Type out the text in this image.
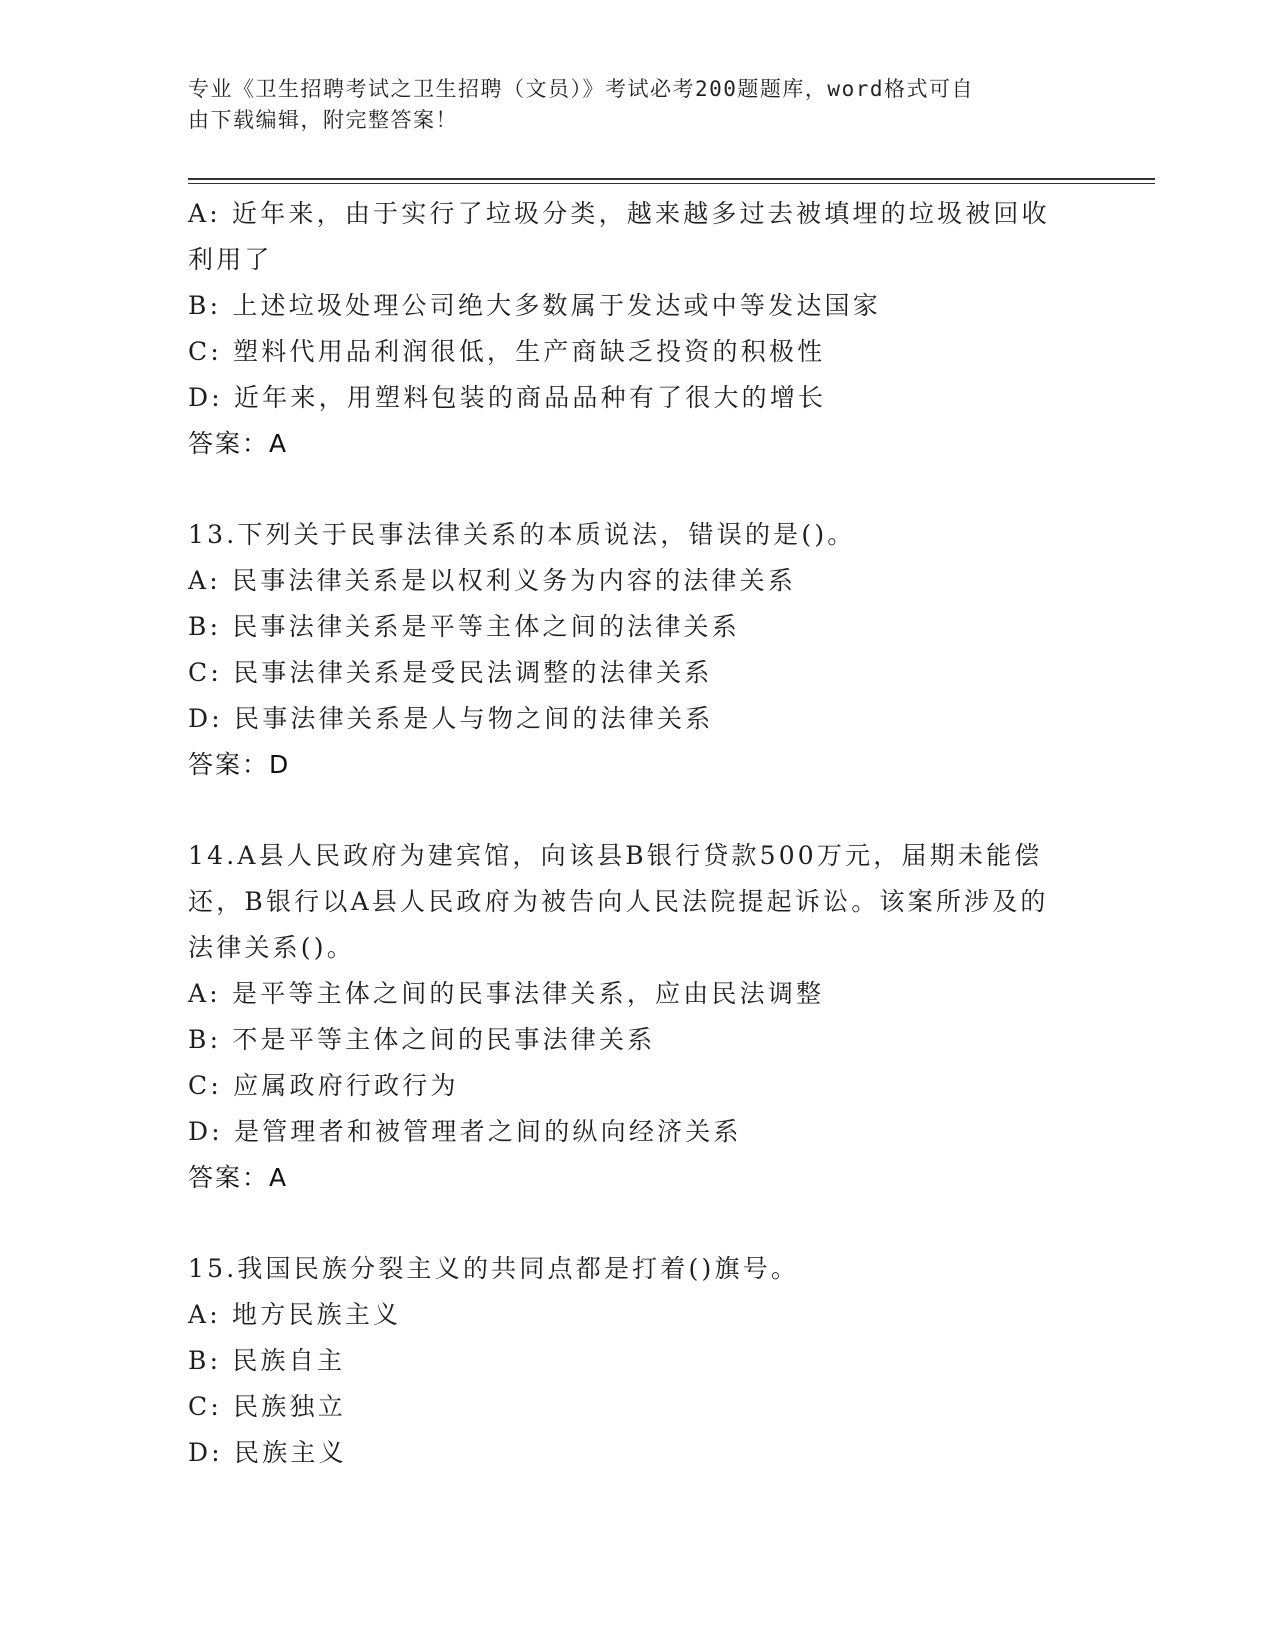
专业《卫生招聘考试之卫生招聘（文员）》考试必考200题题库，word格式可自
由下载编辑，附完整答案！
A: 近年来，由于实行了垃圾分类，越来越多过去被填埋的垃圾被回收
利用了
B: 上述垃圾处理公司绝大多数属于发达或中等发达国家
C: 塑料代用品利润很低，生产商缺乏投资的积极性
D: 近年来，用塑料包装的商品品种有了很大的增长
答案：A
13.下列关于民事法律关系的本质说法，错误的是()。
A: 民事法律关系是以权利义务为内容的法律关系
B: 民事法律关系是平等主体之间的法律关系
C: 民事法律关系是受民法调整的法律关系
D: 民事法律关系是人与物之间的法律关系
答案：D
14.A县人民政府为建宾馆，向该县B银行贷款500万元，届期未能偿
还，B银行以A县人民政府为被告向人民法院提起诉讼。该案所涉及的
法律关系()。
A: 是平等主体之间的民事法律关系，应由民法调整
B: 不是平等主体之间的民事法律关系
C: 应属政府行政行为
D: 是管理者和被管理者之间的纵向经济关系
答案：A
15.我国民族分裂主义的共同点都是打着()旗号。
A: 地方民族主义
B: 民族自主
C: 民族独立
D: 民族主义
